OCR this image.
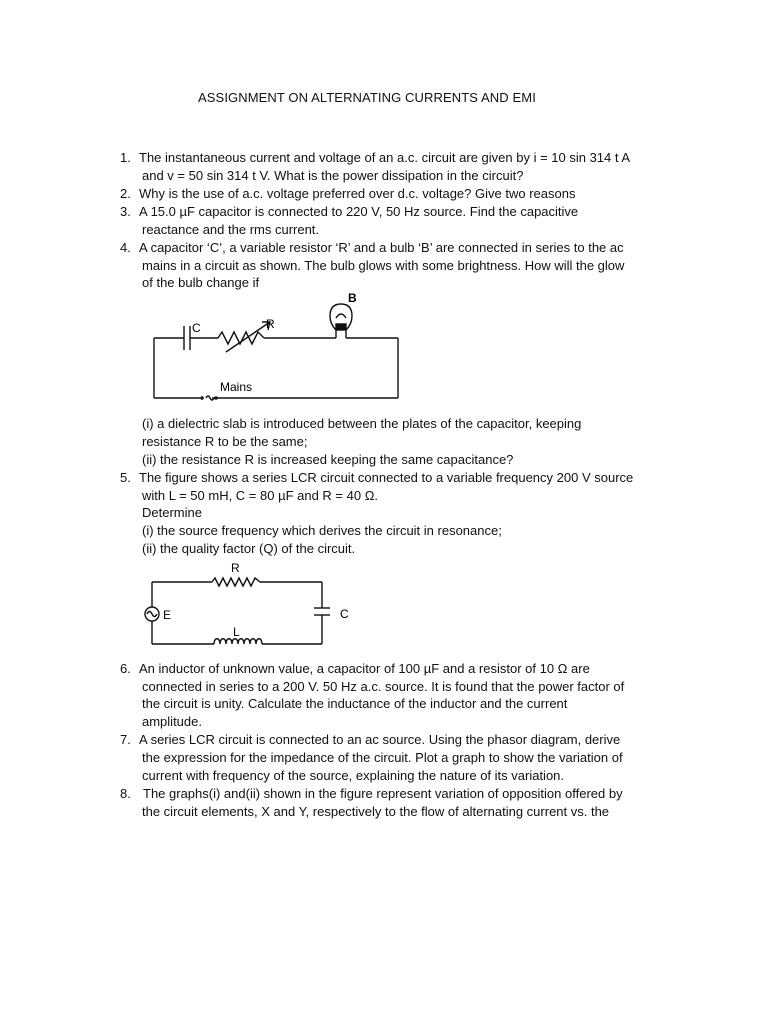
ASSIGNMENT ON ALTERNATING CURRENTS AND EMI
1. The instantaneous current and voltage of an a.c. circuit are given by i = 10 sin 314 t A
and v = 50 sin 314 t V. What is the power dissipation in the circuit?
2. Why is the use of a.c. voltage preferred over d.c. voltage? Give two reasons
3. A 15.0 µF capacitor is connected to 220 V, 50 Hz source. Find the capacitive
reactance and the rms current.
4. A capacitor ‘C’, a variable resistor ‘R’ and a bulb ‘B’ are connected in series to the ac
mains in a circuit as shown. The bulb glows with some brightness. How will the glow
of the bulb change if
C	R
B
Mains
(i) a dielectric slab is introduced between the plates of the capacitor, keeping
resistance R to be the same;
(ii) the resistance R is increased keeping the same capacitance?
5. The figure shows a series LCR circuit connected to a variable frequency 200 V source
with L = 50 mH, C = 80 µF and R = 40 Ω.
Determine
(i) the source frequency which derives the circuit in resonance;
(ii) the quality factor (Q) of the circuit.
R
C
L
E
6. An inductor of unknown value, a capacitor of 100 µF and a resistor of 10 Ω are
connected in series to a 200 V. 50 Hz a.c. source. It is found that the power factor of
the circuit is unity. Calculate the inductance of the inductor and the current
amplitude.
7. A series LCR circuit is connected to an ac source. Using the phasor diagram, derive
the expression for the impedance of the circuit. Plot a graph to show the variation of
current with frequency of the source, explaining the nature of its variation.
8. The graphs(i) and(ii) shown in the figure represent variation of opposition offered by
the circuit elements, X and Y, respectively to the flow of alternating current vs. the
